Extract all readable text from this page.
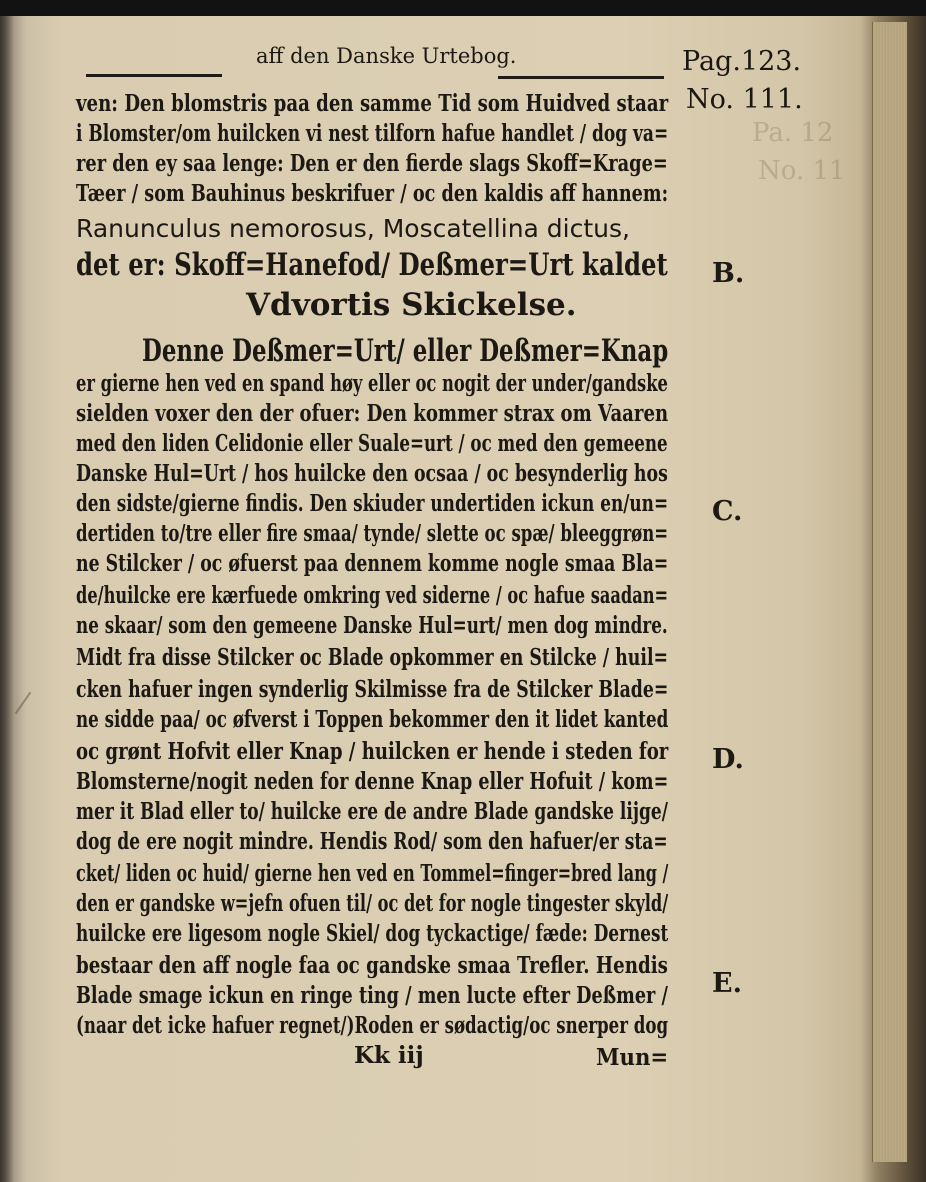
Pa. 12
No. 11
aff den Danske Urtebog.	Pag.123.
No. 111.
ven: Den blomstris paa den samme Tid som Huidved staar
i Blomster/om huilcken vi nest tilforn hafue handlet / dog va=
rer den ey saa lenge: Den er den fierde slags Skoff=Krage=
Tæer / som Bauhinus beskrifuer / oc den kaldis aff hannem:
Ranunculus nemorosus, Moscatellina dictus,
det er: Skoff=Hanefod/ Deßmer=Urt kaldet
Vdvortis Skickelse.
Denne Deßmer=Urt/ eller Deßmer=Knap
er gierne hen ved en spand høy eller oc nogit der under/gandske
sielden voxer den der ofuer: Den kommer strax om Vaaren
med den liden Celidonie eller Suale=urt / oc med den gemeene
Danske Hul=Urt / hos huilcke den ocsaa / oc besynderlig hos
den sidste/gierne findis. Den skiuder undertiden ickun en/un=
dertiden to/tre eller fire smaa/ tynde/ slette oc spæ/ bleeggrøn=
ne Stilcker / oc øfuerst paa dennem komme nogle smaa Bla=
de/huilcke ere kærfuede omkring ved siderne / oc hafue saadan=
ne skaar/ som den gemeene Danske Hul=urt/ men dog mindre.
Midt fra disse Stilcker oc Blade opkommer en Stilcke / huil=
cken hafuer ingen synderlig Skilmisse fra de Stilcker Blade=
ne sidde paa/ oc øfverst i Toppen bekommer den it lidet kanted
oc grønt Hofvit eller Knap / huilcken er hende i steden for
Blomsterne/nogit neden for denne Knap eller Hofuit / kom=
mer it Blad eller to/ huilcke ere de andre Blade gandske lijge/
dog de ere nogit mindre. Hendis Rod/ som den hafuer/er sta=
cket/ liden oc huid/ gierne hen ved en Tommel=finger=bred lang /
den er gandske w=jefn ofuen til/ oc det for nogle tingester skyld/
huilcke ere ligesom nogle Skiel/ dog tyckactige/ fæde: Dernest
bestaar den aff nogle faa oc gandske smaa Trefler. Hendis
Blade smage ickun en ringe ting / men lucte efter Deßmer /
(naar det icke hafuer regnet/)Roden er sødactig/oc snerper dog
Kk iij	Mun=
B.
C.
D.
E.
